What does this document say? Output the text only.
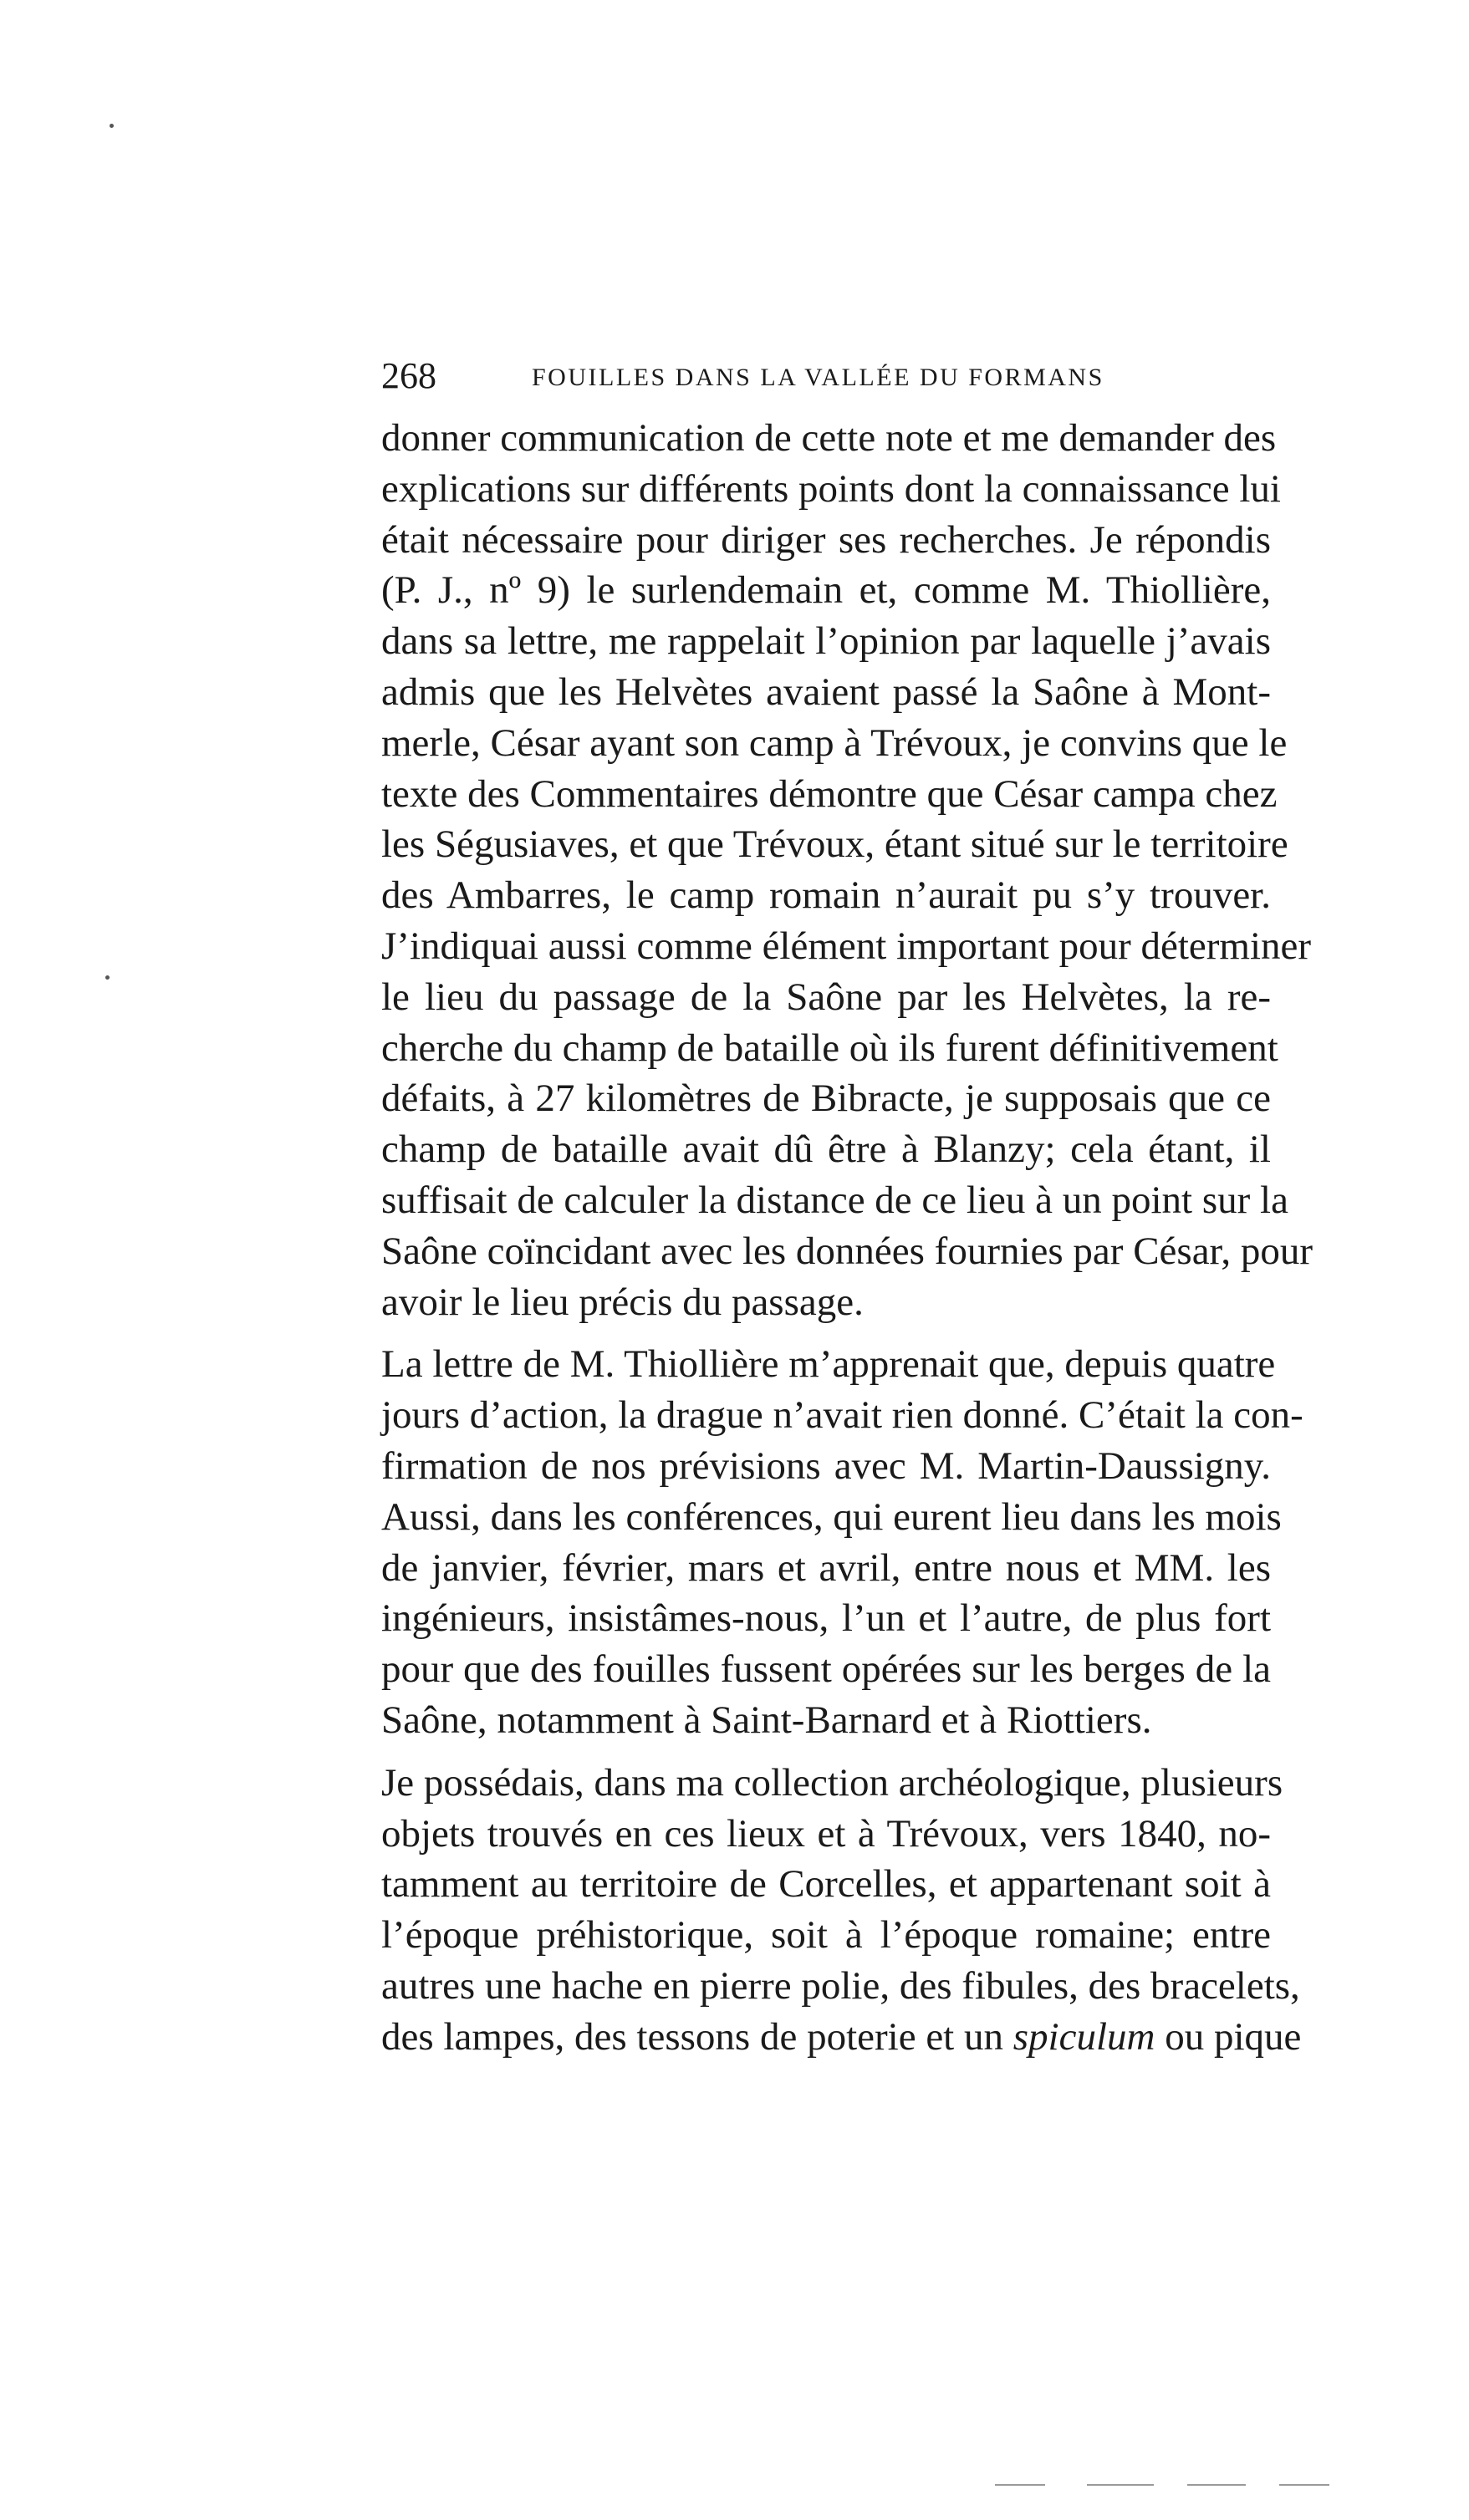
268	FOUILLES DANS LA VALLÉE DU FORMANS
donner communication de cette note et me demander des
explications sur différents points dont la connaissance lui
était nécessaire pour diriger ses recherches. Je répondis
(P. J., nº 9) le surlendemain et, comme M. Thiollière,
dans sa lettre, me rappelait l’opinion par laquelle j’avais
admis que les Helvètes avaient passé la Saône à Mont-
merle, César ayant son camp à Trévoux, je convins que le
texte des Commentaires démontre que César campa chez
les Ségusiaves, et que Trévoux, étant situé sur le territoire
des Ambarres, le camp romain n’aurait pu s’y trouver.
J’indiquai aussi comme élément important pour déterminer
le lieu du passage de la Saône par les Helvètes, la re-
cherche du champ de bataille où ils furent définitivement
défaits, à 27 kilomètres de Bibracte, je supposais que ce
champ de bataille avait dû être à Blanzy; cela étant, il
suffisait de calculer la distance de ce lieu à un point sur la
Saône coïncidant avec les données fournies par César, pour
avoir le lieu précis du passage.
La lettre de M. Thiollière m’apprenait que, depuis quatre
jours d’action, la drague n’avait rien donné. C’était la con-
firmation de nos prévisions avec M. Martin-Daussigny.
Aussi, dans les conférences, qui eurent lieu dans les mois
de janvier, février, mars et avril, entre nous et MM. les
ingénieurs, insistâmes-nous, l’un et l’autre, de plus fort
pour que des fouilles fussent opérées sur les berges de la
Saône, notamment à Saint-Barnard et à Riottiers.
Je possédais, dans ma collection archéologique, plusieurs
objets trouvés en ces lieux et à Trévoux, vers 1840, no-
tamment au territoire de Corcelles, et appartenant soit à
l’époque préhistorique, soit à l’époque romaine; entre
autres une hache en pierre polie, des fibules, des bracelets,
des lampes, des tessons de poterie et un spiculum ou pique
